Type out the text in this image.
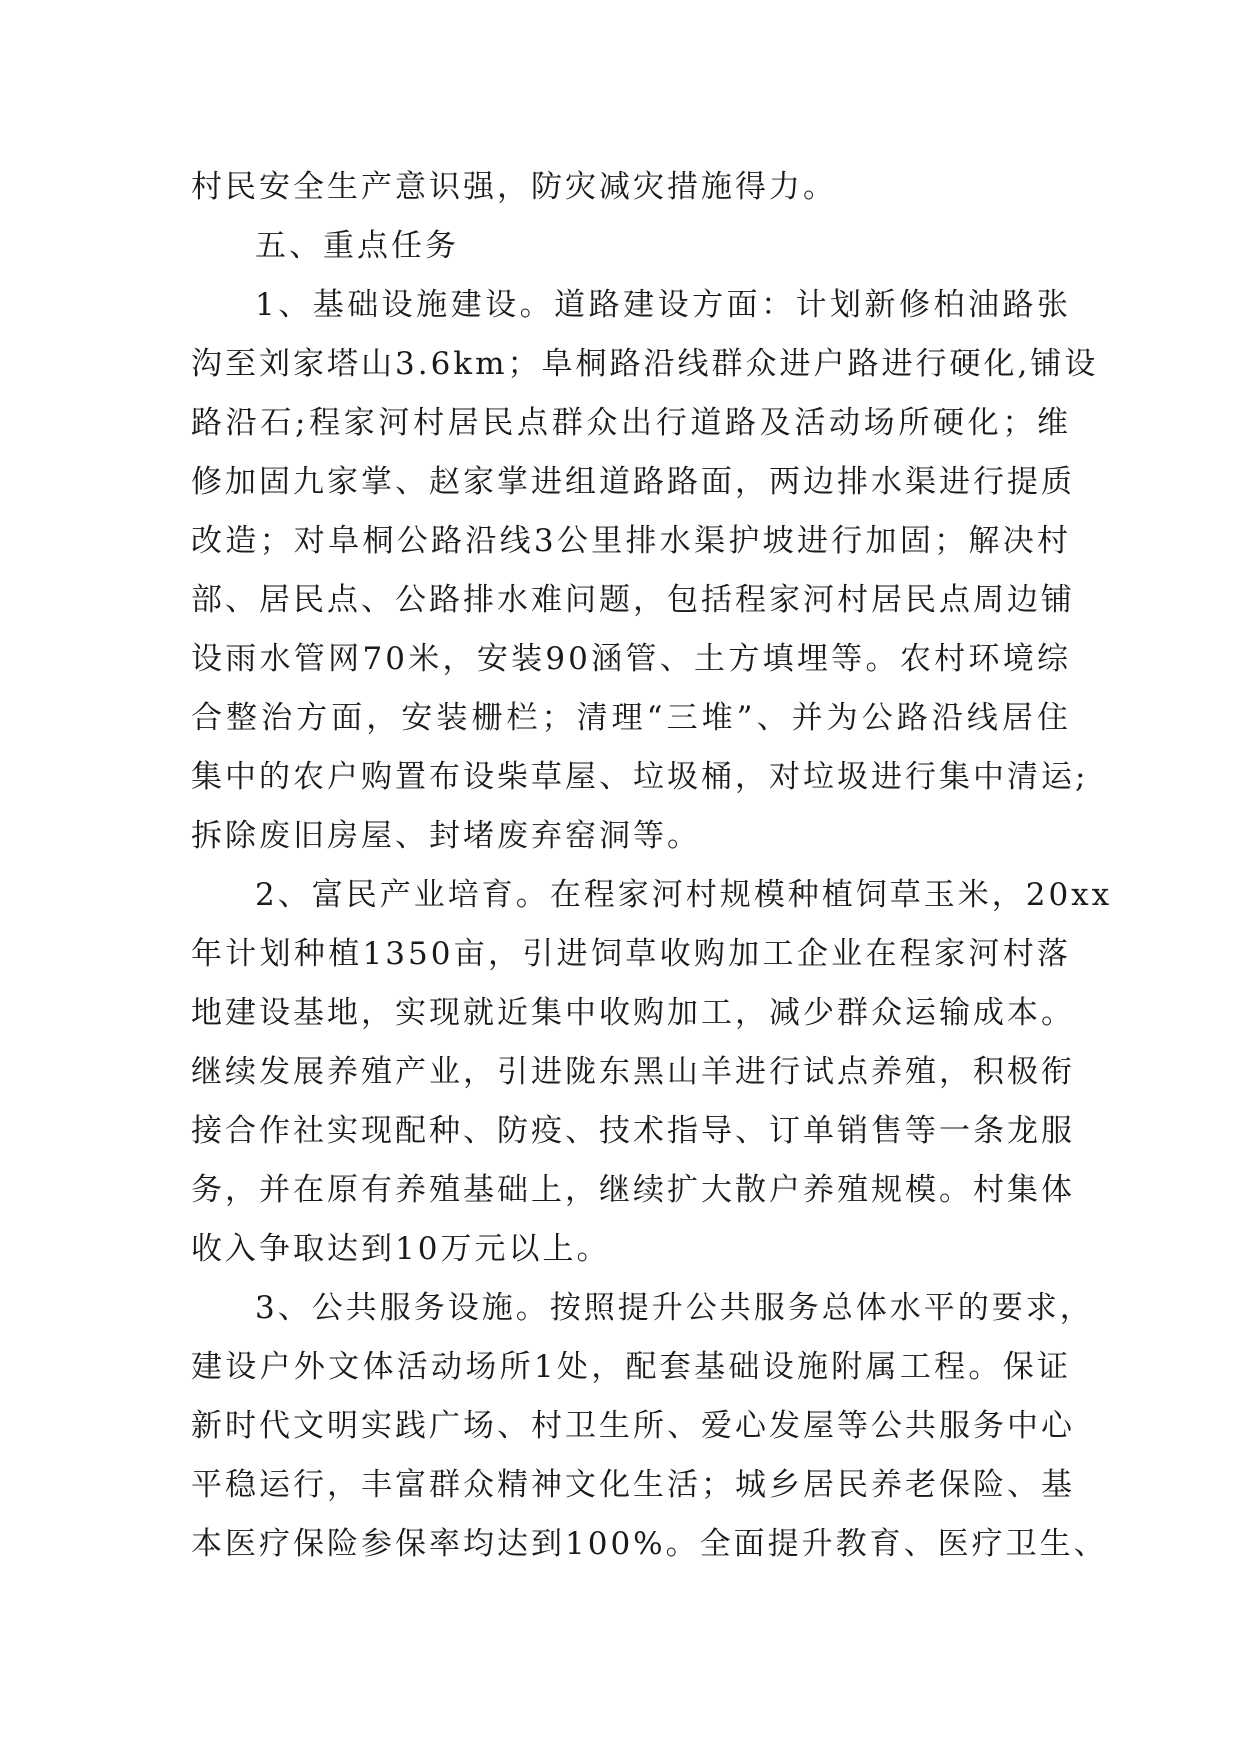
村民安全生产意识强，防灾减灾措施得力。
五、重点任务
1、基础设施建设。道路建设方面：计划新修柏油路张
沟至刘家塔山3.6km；阜桐路沿线群众进户路进行硬化,铺设
路沿石;程家河村居民点群众出行道路及活动场所硬化；维
修加固九家掌、赵家掌进组道路路面，两边排水渠进行提质
改造；对阜桐公路沿线3公里排水渠护坡进行加固；解决村
部、居民点、公路排水难问题，包括程家河村居民点周边铺
设雨水管网70米，安装90涵管、土方填埋等。农村环境综
合整治方面，安装栅栏；清理“三堆”、并为公路沿线居住
集中的农户购置布设柴草屋、垃圾桶，对垃圾进行集中清运;
拆除废旧房屋、封堵废弃窑洞等。
2、富民产业培育。在程家河村规模种植饲草玉米，20xx
年计划种植1350亩，引进饲草收购加工企业在程家河村落
地建设基地，实现就近集中收购加工，减少群众运输成本。
继续发展养殖产业，引进陇东黑山羊进行试点养殖，积极衔
接合作社实现配种、防疫、技术指导、订单销售等一条龙服
务，并在原有养殖基础上，继续扩大散户养殖规模。村集体
收入争取达到10万元以上。
3、公共服务设施。按照提升公共服务总体水平的要求，
建设户外文体活动场所1处，配套基础设施附属工程。保证
新时代文明实践广场、村卫生所、爱心发屋等公共服务中心
平稳运行，丰富群众精神文化生活；城乡居民养老保险、基
本医疗保险参保率均达到100%。全面提升教育、医疗卫生、
